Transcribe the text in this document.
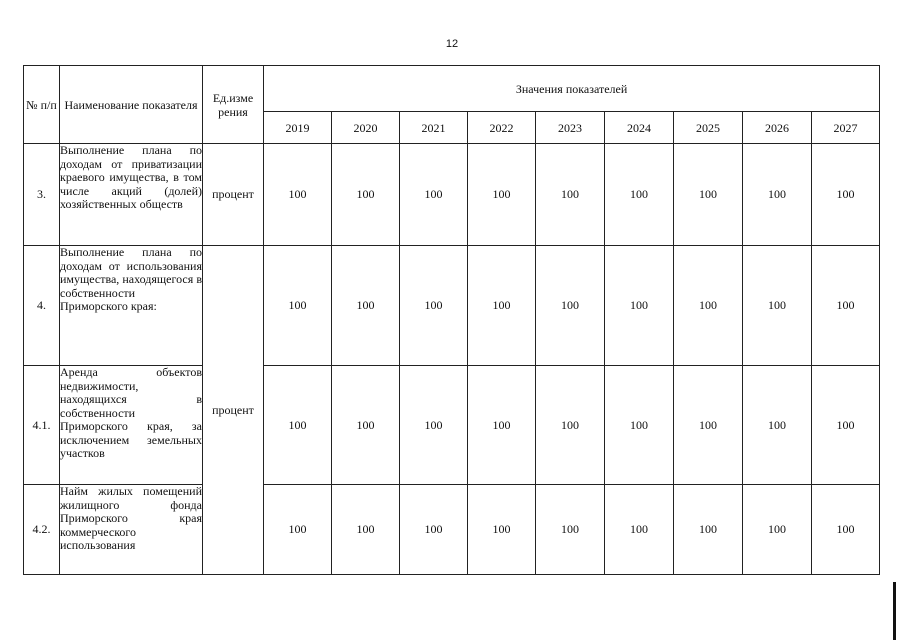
12
№ п/п	Наименование показателя	Ед.изме рения	Значения показателей								
			2019	2020	2021	2022	2023	2024	2025	2026	2027
3.	Выполнение плана по доходам от приватизации краевого имущества, в том числе акций (долей) хозяйственных обществ	процент	100	100	100	100	100	100	100	100	100
4.	Выполнение плана по доходам от использования имущества, находящегося в собственности Приморского края:	процент	100	100	100	100	100	100	100	100	100
4.1.	Аренда объектов недвижимости, находящихся в собственности Приморского края, за исключением земельных участков		100	100	100	100	100	100	100	100	100
4.2.	Найм жилых помещений жилищного фонда Приморского края коммерческого использования		100	100	100	100	100	100	100	100	100
